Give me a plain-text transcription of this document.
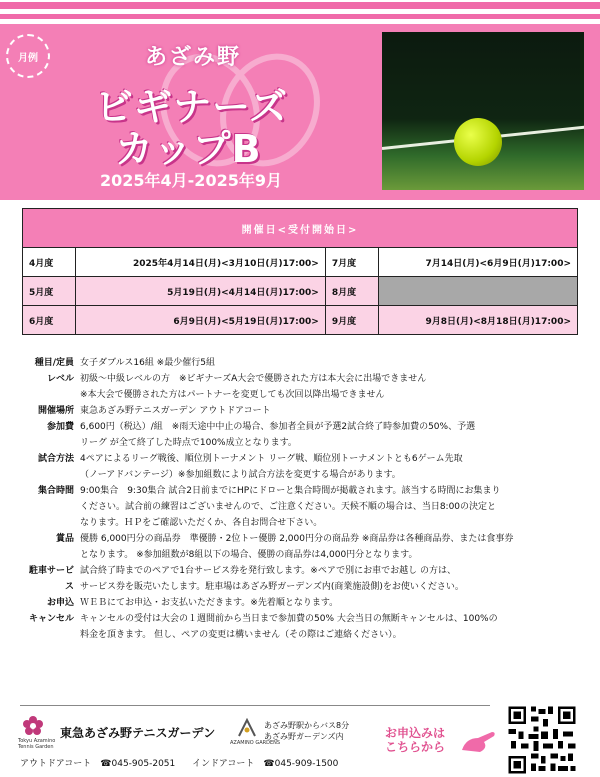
月例	あざみ野
ビギナーズ
カップB
2025年4月-2025年9月
開催日<受付開始日>			
4月度	2025年4月14日(月)<3月10日(月)17:00>	7月度	7月14日(月)<6月9日(月)17:00>
5月度	5月19日(月)<4月14日(月)17:00>	8月度	
6月度	6月9日(月)<5月19日(月)17:00>	9月度	9月8日(月)<8月18日(月)17:00>
種目/定員 女子ダブルス16組 ※最少催行5組
レベル 初級〜中級レベルの方　※ビギナーズA大会で優勝された方は本大会に出場できません
※本大会で優勝された方はパートナーを変更しても次回以降出場できません
開催場所 東急あざみ野テニスガーデン アウトドアコート
参加費 6,600円（税込）/組　※雨天途中中止の場合、参加者全員が予選2試合終了時参加費の50%、予選
リーグ が全て終了した時点で100%成立となります。
試合方法 4ペアによるリーグ戦後、順位別トーナメント リーグ戦、順位別トーナメントとも6ゲーム先取
（ノーアドバンテージ）※参加組数により試合方法を変更する場合があります。
集合時間 9:00集合　9:30集合 試合2日前までにHPにドローと集合時間が掲載されます。該当する時間にお集まり
ください。試合前の練習はございませんので、ご注意ください。天候不順の場合は、当日8:00の決定と
なります。ＨＰをご確認いただくか、各自お問合せ下さい。
賞品 優勝 6,000円分の商品券　準優勝・2位トー優勝 2,000円分の商品券 ※商品券は各種商品券、または食事券
となります。 ※参加組数が8組以下の場合、優勝の商品券は4,000円分となります。
駐車サービス
試合終了時までのペアで1台サービス券を発行致します。※ペアで別にお車でお越し の方は、
サービス券を販売いたします。駐車場はあざみ野ガーデンズ内(商業施設側)をお使いください。
お申込 ＷＥＢにてお申込・お支払いただきます。※先着順となります。
キャンセル キャンセルの受付は大会の１週間前から当日まで参加費の50% 大会当日の無断キャンセルは、100%の
料金を頂きます。 但し、ペアの変更は構いません（その際はご連絡ください）。
Tokyu Azamino Tennis Garden
東急あざみ野テニスガーデン
AZAMINO GARDENS
あざみ野駅からバス8分
あざみ野ガーデンズ内
アウトドアコート　☎045-905-2051 インドアコート　☎045-909-1500
お申込みは
こちらから
